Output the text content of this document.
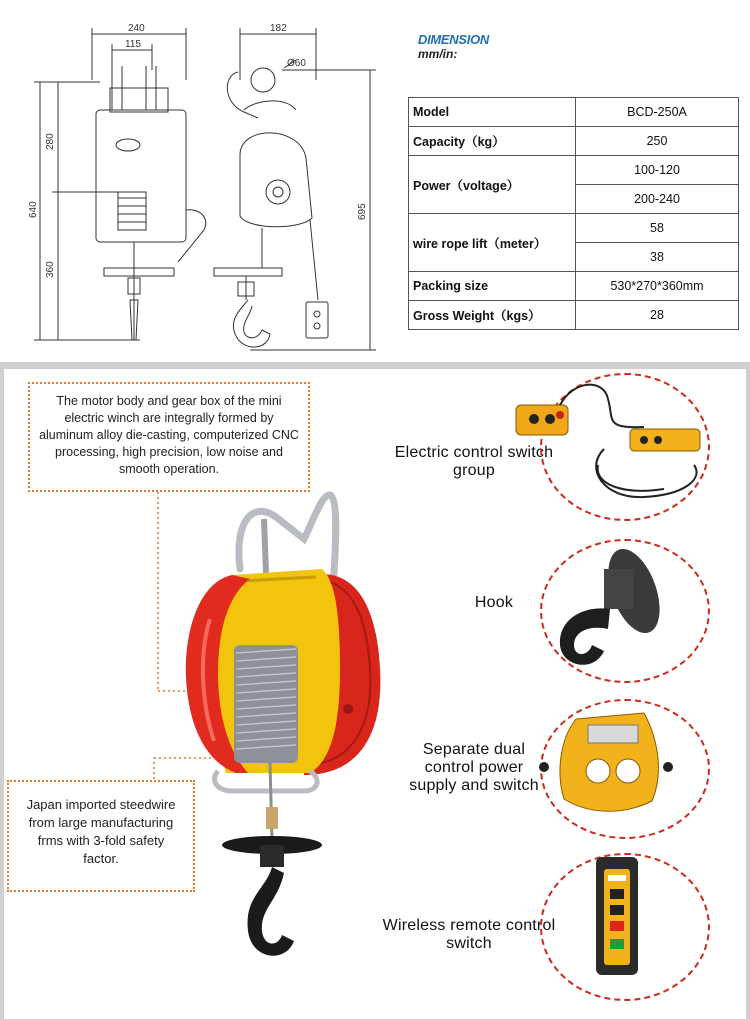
240
115
182
Ø60
280
360
640	695
DIMENSION
mm/in:
Model	BCD-250A
Capacity（kg）	250
Power（voltage）	100-120
	200-240
wire rope lift（meter）	58
	38
Packing size	530*270*360mm
Gross Weight（kgs）	28
The motor body and gear box of the mini electric winch are integrally formed by aluminum alloy die-casting, computerized CNC processing, high precision, low noise and smooth operation.
Japan imported steedwire from large manufacturing frms with 3-fold safety factor.
Electric control switch group
Hook
Separate dual control power supply and switch
Wireless remote control switch
